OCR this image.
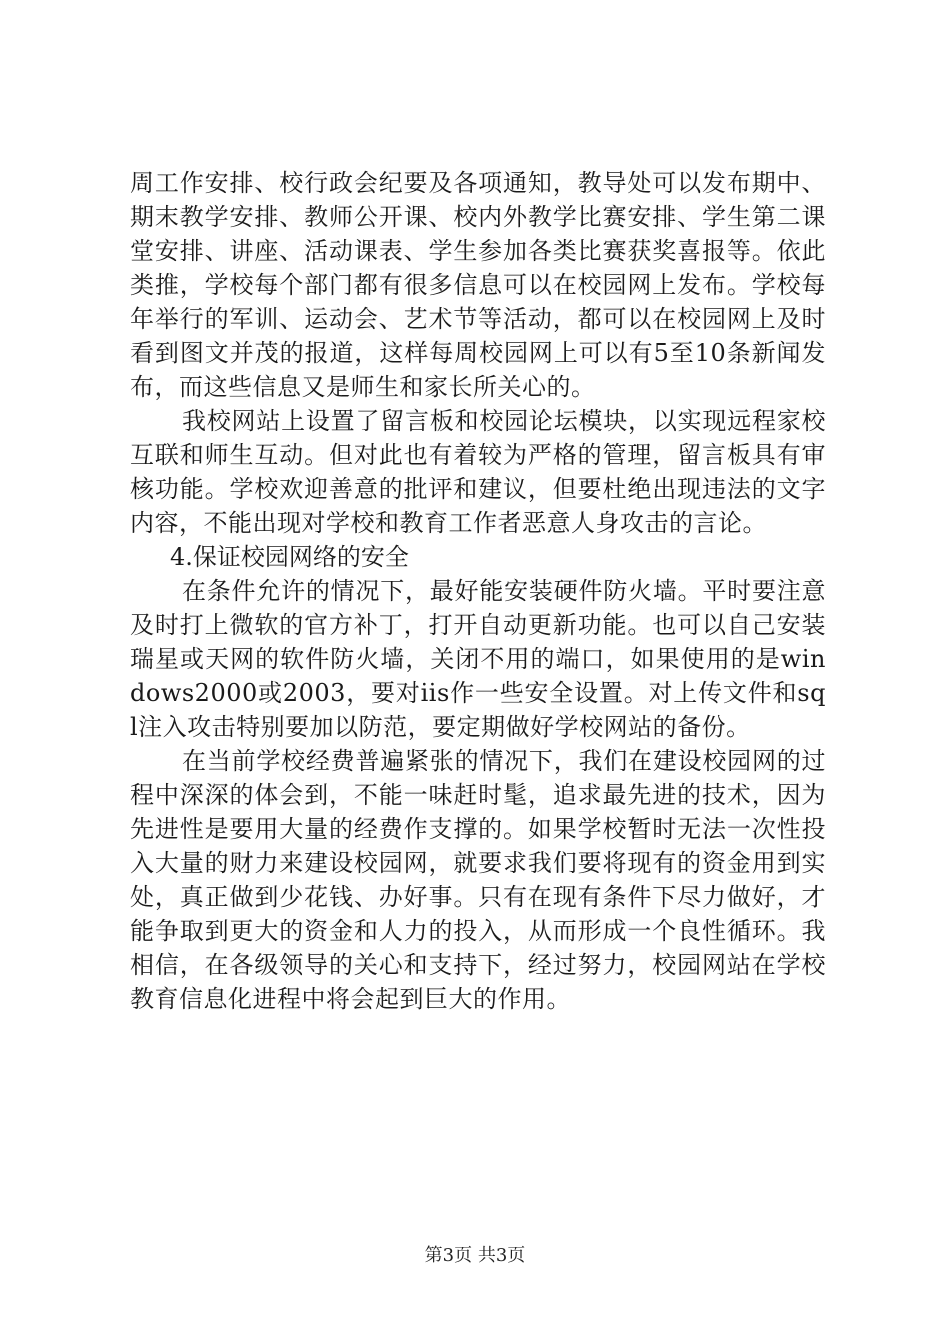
周工作安排、校行政会纪要及各项通知，教导处可以发布期中、期末教学安排、教师公开课、校内外教学比赛安排、学生第二课堂安排、讲座、活动课表、学生参加各类比赛获奖喜报等。依此类推，学校每个部门都有很多信息可以在校园网上发布。学校每年举行的军训、运动会、艺术节等活动，都可以在校园网上及时看到图文并茂的报道，这样每周校园网上可以有5至10条新闻发布，而这些信息又是师生和家长所关心的。

我校网站上设置了留言板和校园论坛模块，以实现远程家校互联和师生互动。但对此也有着较为严格的管理，留言板具有审核功能。学校欢迎善意的批评和建议，但要杜绝出现违法的文字内容，不能出现对学校和教育工作者恶意人身攻击的言论。

4.保证校园网络的安全

在条件允许的情况下，最好能安装硬件防火墙。平时要注意及时打上微软的官方补丁，打开自动更新功能。也可以自己安装瑞星或天网的软件防火墙，关闭不用的端口，如果使用的是windows2000或2003，要对iis作一些安全设置。对上传文件和sql注入攻击特别要加以防范，要定期做好学校网站的备份。

在当前学校经费普遍紧张的情况下，我们在建设校园网的过程中深深的体会到，不能一味赶时髦，追求最先进的技术，因为先进性是要用大量的经费作支撑的。如果学校暂时无法一次性投入大量的财力来建设校园网，就要求我们要将现有的资金用到实处，真正做到少花钱、办好事。只有在现有条件下尽力做好，才能争取到更大的资金和人力的投入，从而形成一个良性循环。我相信，在各级领导的关心和支持下，经过努力，校园网站在学校教育信息化进程中将会起到巨大的作用。

第3页 共3页
